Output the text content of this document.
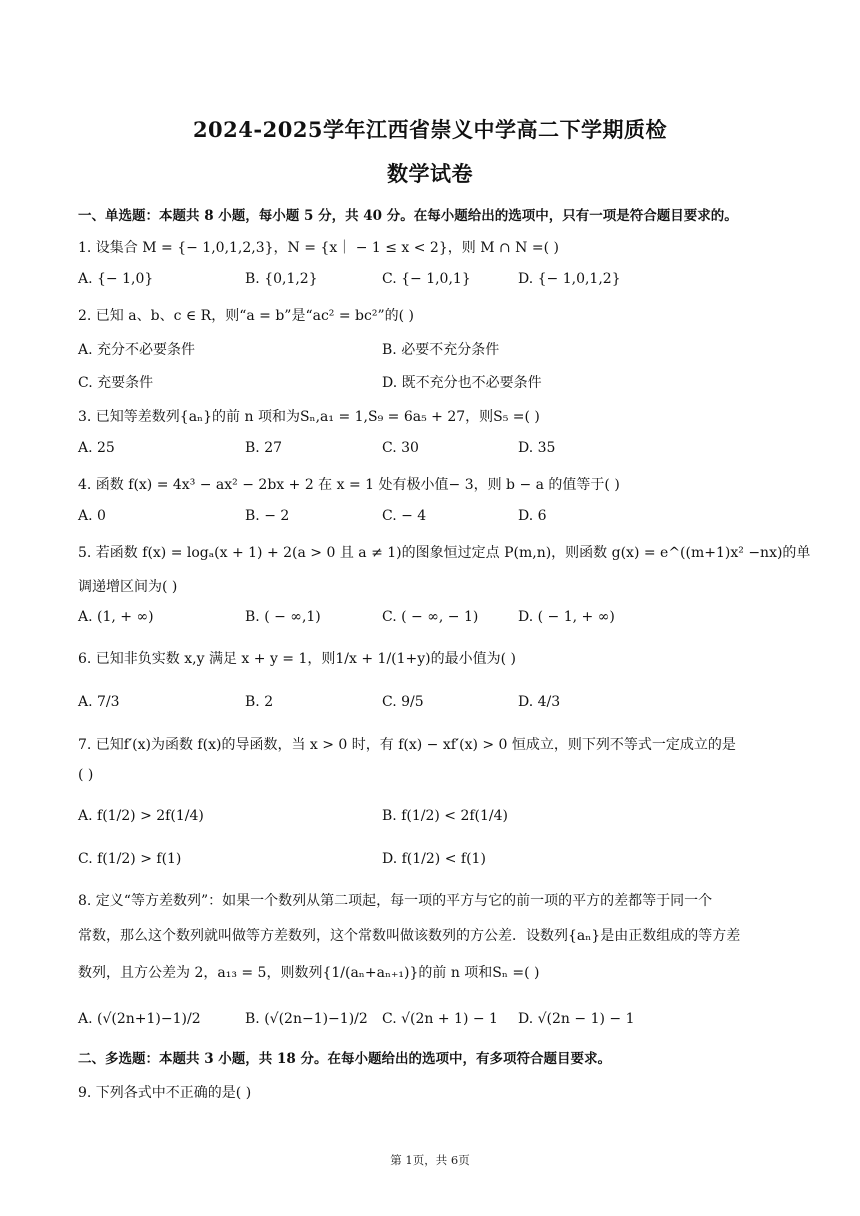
2024-2025学年江西省崇义中学高二下学期质检
数学试卷
一、单选题：本题共 8 小题，每小题 5 分，共 40 分。在每小题给出的选项中，只有一项是符合题目要求的。
1. 设集合 M = {− 1,0,1,2,3}，N = {x｜ − 1 ≤ x < 2}，则 M ∩ N =( )
A. {− 1,0}	B. {0,1,2}	C. {− 1,0,1}	D. {− 1,0,1,2}
2. 已知 a、b、c ∈ R，则“a = b”是“ac² = bc²”的( )
A. 充分不必要条件	B. 必要不充分条件
C. 充要条件	D. 既不充分也不必要条件
3. 已知等差数列{aₙ}的前 n 项和为Sₙ,a₁ = 1,S₉ = 6a₅ + 27，则S₅ =( )
A. 25	B. 27	C. 30	D. 35
4. 函数 f(x) = 4x³ − ax² − 2bx + 2 在 x = 1 处有极小值− 3，则 b − a 的值等于( )
A. 0	B. − 2	C. − 4	D. 6
5. 若函数 f(x) = logₐ(x + 1) + 2(a > 0 且 a ≠ 1)的图象恒过定点 P(m,n)，则函数 g(x) = e^((m+1)x² −nx)的单
调递增区间为( )
A. (1, + ∞)	B. ( − ∞,1)	C. ( − ∞, − 1)	D. ( − 1, + ∞)
6. 已知非负实数 x,y 满足 x + y = 1，则1/x + 1/(1+y)的最小值为( )
A. 7/3	B. 2	C. 9/5	D. 4/3
7. 已知f′(x)为函数 f(x)的导函数，当 x > 0 时，有 f(x) − xf′(x) > 0 恒成立，则下列不等式一定成立的是
( )
A. f(1/2) > 2f(1/4)	B. f(1/2) < 2f(1/4)
C. f(1/2) > f(1)	D. f(1/2) < f(1)
8. 定义“等方差数列”：如果一个数列从第二项起，每一项的平方与它的前一项的平方的差都等于同一个
常数，那么这个数列就叫做等方差数列，这个常数叫做该数列的方公差．设数列{aₙ}是由正数组成的等方差
数列，且方公差为 2，a₁₃ = 5，则数列{1/(aₙ+aₙ₊₁)}的前 n 项和Sₙ =( )
A. (√(2n+1)−1)/2	B. (√(2n−1)−1)/2 C. √(2n + 1) − 1 D. √(2n − 1) − 1
二、多选题：本题共 3 小题，共 18 分。在每小题给出的选项中，有多项符合题目要求。
9. 下列各式中不正确的是( )
第 1页，共 6页
